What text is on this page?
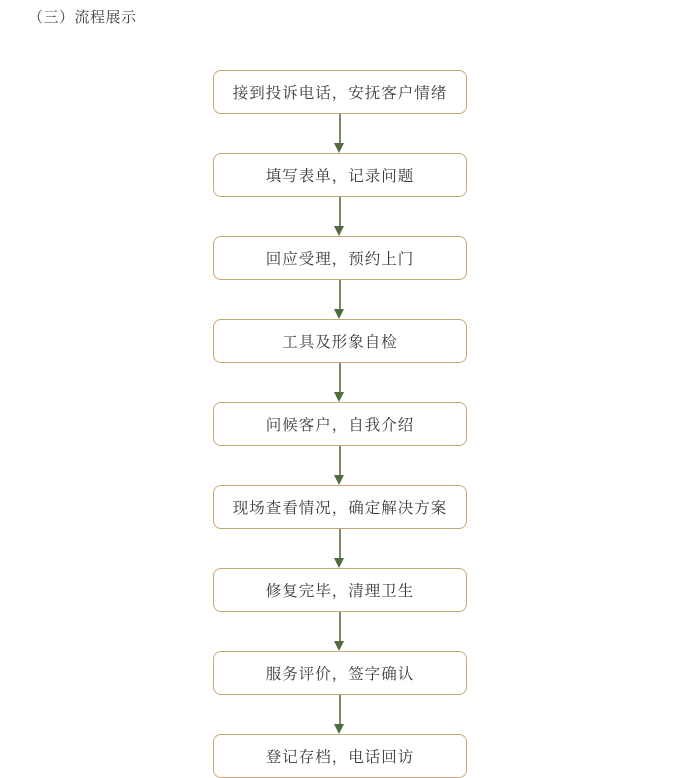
（三）流程展示
接到投诉电话，安抚客户情绪
填写表单，记录问题
回应受理，预约上门
工具及形象自检
问候客户，自我介绍
现场查看情况，确定解决方案
修复完毕，清理卫生
服务评价，签字确认
登记存档，电话回访
